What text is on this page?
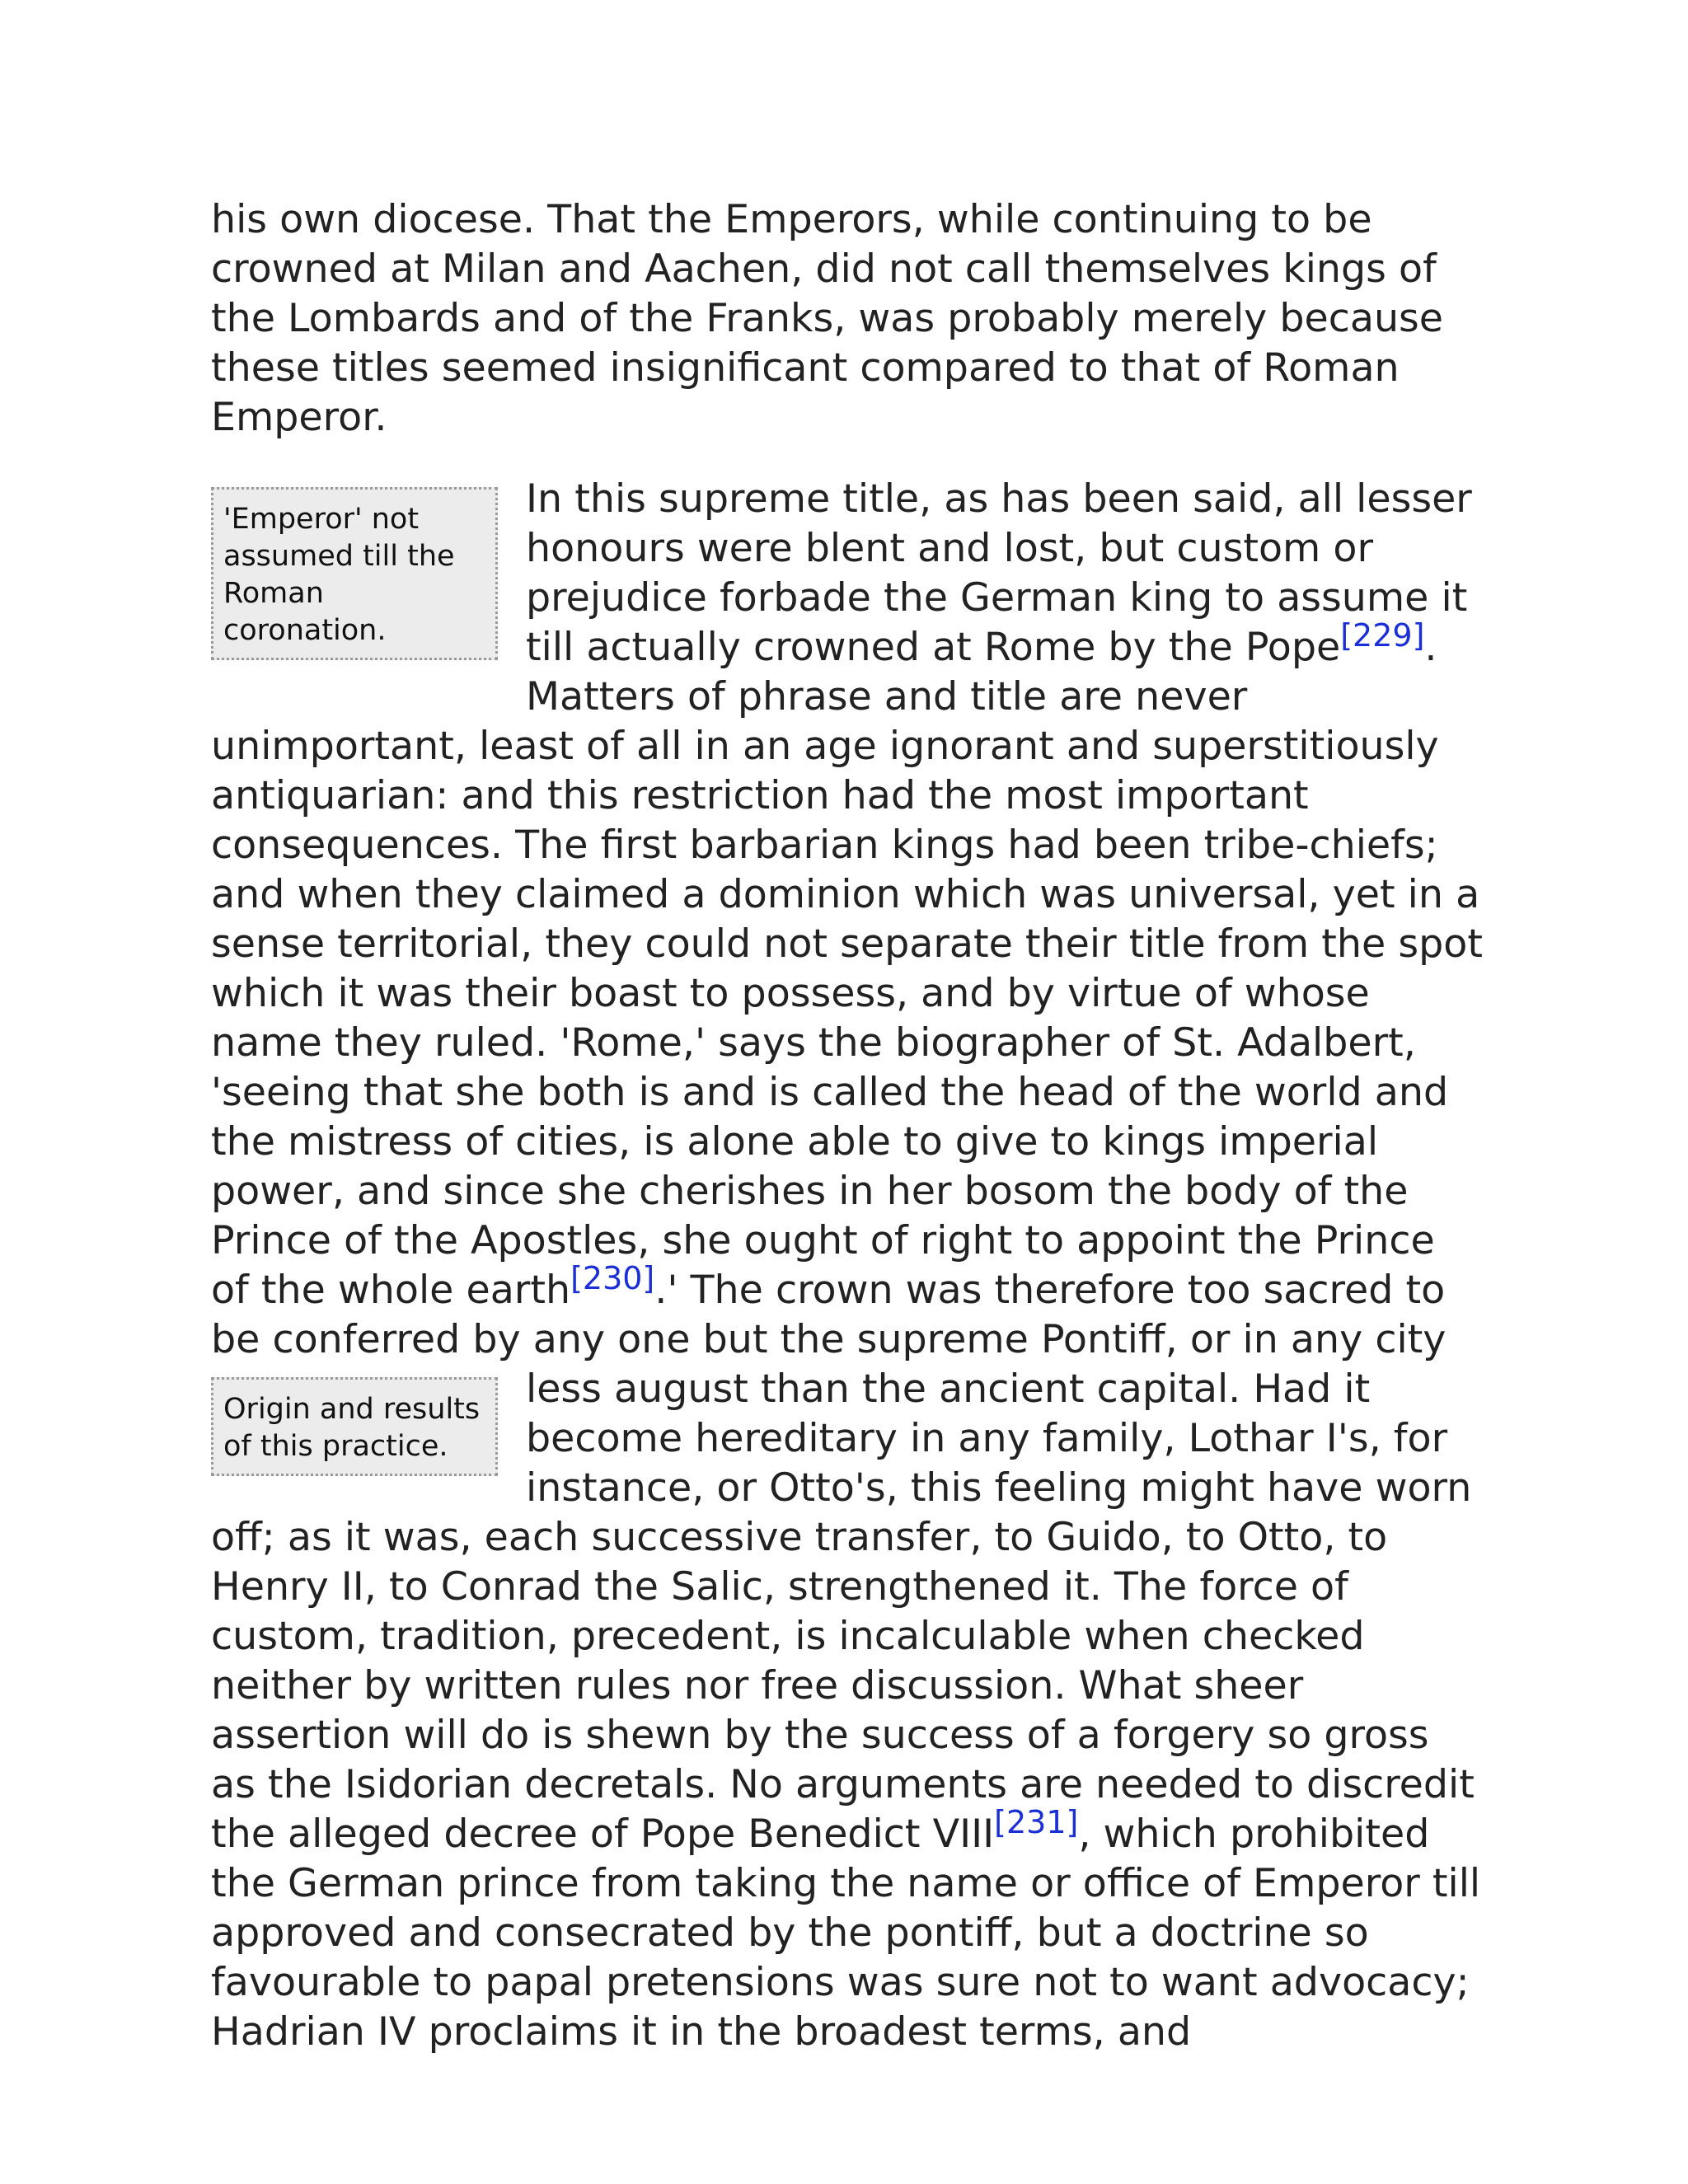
his own diocese. That the Emperors, while continuing to be crowned at Milan and Aachen, did not call themselves kings of the Lombards and of the Franks, was probably merely because these titles seemed insignificant compared to that of Roman Emperor.

'Emperor' not assumed till the Roman coronation.
In this supreme title, as has been said, all lesser honours were blent and lost, but custom or prejudice forbade the German king to assume it till actually crowned at Rome by the Pope[229]. Matters of phrase and title are never unimportant, least of all in an age ignorant and superstitiously antiquarian: and this restriction had the most important consequences. The first barbarian kings had been tribe-chiefs; and when they claimed a dominion which was universal, yet in a sense territorial, they could not separate their title from the spot which it was their boast to possess, and by virtue of whose name they ruled. 'Rome,' says the biographer of St. Adalbert, 'seeing that she both is and is called the head of the world and the mistress of cities, is alone able to give to kings imperial power, and since she cherishes in her bosom the body of the Prince of the Apostles, she ought of right to appoint the Prince of the whole earth[230].' The crown was therefore too sacred to be conferred by any one but the supreme Pontiff, or in any city less august than the
Origin and results of this practice.
ancient capital. Had it become hereditary in any family, Lothar I's, for instance, or Otto's, this feeling might have worn off; as it was, each successive transfer, to Guido, to Otto, to Henry II, to Conrad the Salic, strengthened it. The force of custom, tradition, precedent, is incalculable when checked neither by written rules nor free discussion. What sheer assertion will do is shewn by the success of a forgery so gross as the Isidorian decretals. No arguments are needed to discredit the alleged decree of Pope Benedict VIII[231], which prohibited the German prince from taking the name or office of Emperor till approved and consecrated by the pontiff, but a doctrine so favourable to papal pretensions was sure not to want advocacy; Hadrian IV proclaims it in the broadest terms, and
